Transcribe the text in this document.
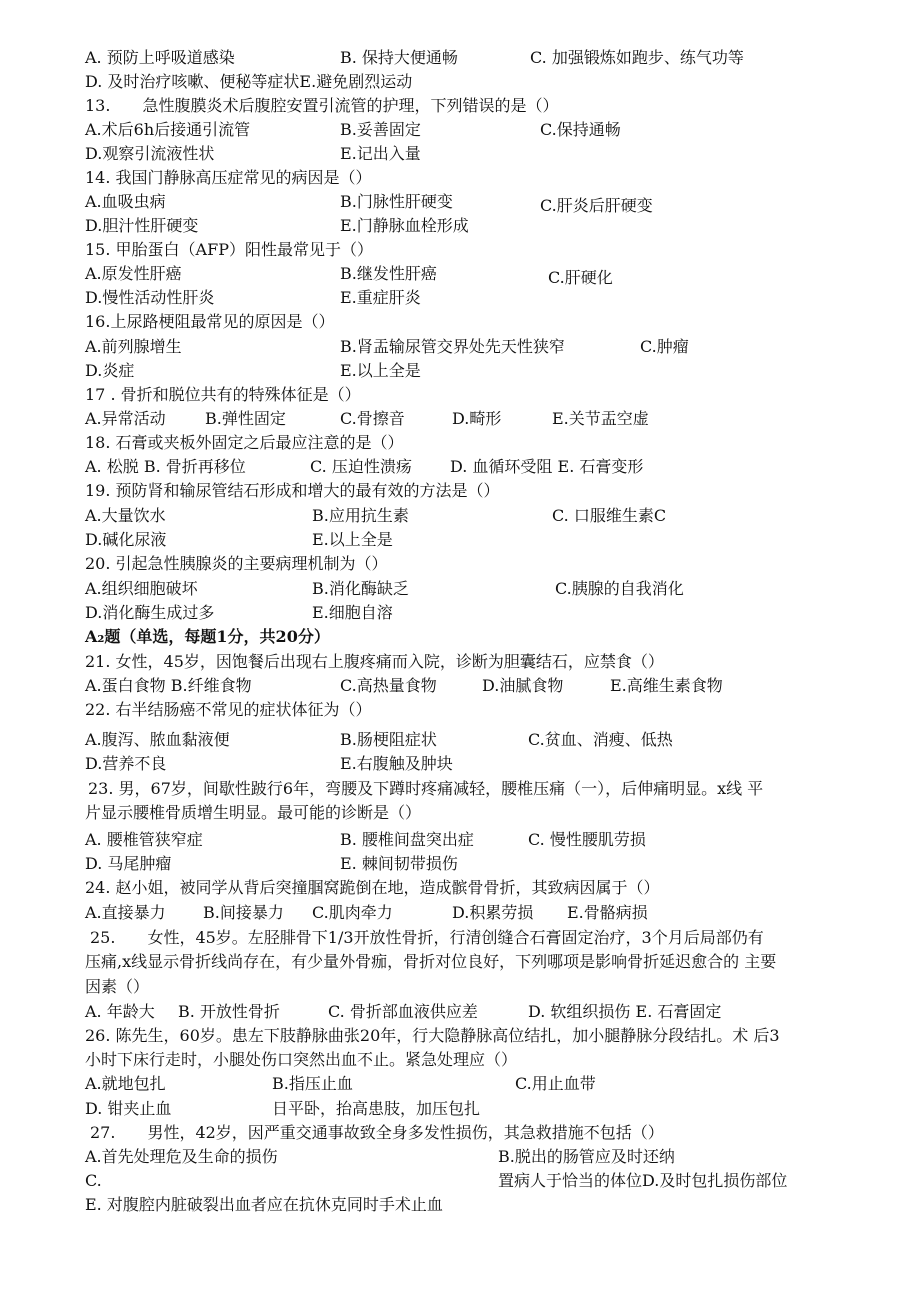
A. 预防上呼吸道感染	B. 保持大便通畅	C. 加强锻炼如跑步、练气功等
D. 及时治疗咳嗽、便秘等症状E.避免剧烈运动
13.　　急性腹膜炎术后腹腔安置引流管的护理，下列错误的是（）
A.术后6h后接通引流管	B.妥善固定	C.保持通畅
D.观察引流液性状	E.记出入量
14. 我国门静脉高压症常见的病因是（）
A.血吸虫病	B.门脉性肝硬变	C.肝炎后肝硬变
D.胆汁性肝硬变	E.门静脉血栓形成
15. 甲胎蛋白（AFP）阳性最常见于（）
A.原发性肝癌	B.继发性肝癌	C.肝硬化
D.慢性活动性肝炎	E.重症肝炎
16.上尿路梗阻最常见的原因是（）
A.前列腺增生	B.肾盂输尿管交界处先天性狭窄	C.肿瘤
D.炎症	E.以上全是
17 . 骨折和脱位共有的特殊体征是（）
A.异常活动 B.弹性固定	C.骨擦音	D.畸形	E.关节盂空虚
18. 石膏或夹板外固定之后最应注意的是（）
A. 松脱 B. 骨折再移位	C. 压迫性溃疡 D. 血循环受阻 E. 石膏变形
19. 预防肾和输尿管结石形成和增大的最有效的方法是（）
A.大量饮水	B.应用抗生素	C. 口服维生素C
D.碱化尿液	E.以上全是
20. 引起急性胰腺炎的主要病理机制为（）
A.组织细胞破坏	B.消化酶缺乏	C.胰腺的自我消化
D.消化酶生成过多	E.细胞自溶
A₂题（单选，每题1分，共20分）
21. 女性，45岁，因饱餐后出现右上腹疼痛而入院，诊断为胆囊结石，应禁食（）
A.蛋白食物 B.纤维食物	C.高热量食物	D.油腻食物	E.高维生素食物
22. 右半结肠癌不常见的症状体征为（）
A.腹泻、脓血黏液便	B.肠梗阻症状	C.贫血、消瘦、低热
D.营养不良	E.右腹触及肿块
23. 男，67岁，间歇性跛行6年，弯腰及下蹲时疼痛减轻，腰椎压痛（一），后伸痛明显。x线 平
片显示腰椎骨质增生明显。最可能的诊断是（）
A. 腰椎管狭窄症	B. 腰椎间盘突出症	C. 慢性腰肌劳损
D. 马尾肿瘤	E. 棘间韧带损伤
24. 赵小姐，被同学从背后突撞腘窝跪倒在地，造成髌骨骨折，其致病因属于（）
A.直接暴力 B.间接暴力 C.肌肉牵力	D.积累劳损 E.骨骼病损
25.　　女性，45岁。左胫腓骨下1/3开放性骨折，行清创缝合石膏固定治疗，3个月后局部仍有
压痛,x线显示骨折线尚存在，有少量外骨痂，骨折对位良好，下列哪项是影响骨折延迟愈合的 主要
因素（）
A. 年龄大 B. 开放性骨折	C. 骨折部血液供应差	D. 软组织损伤 E. 石膏固定
26. 陈先生，60岁。患左下肢静脉曲张20年，行大隐静脉高位结扎，加小腿静脉分段结扎。术 后3
小时下床行走时，小腿处伤口突然出血不止。紧急处理应（）
A.就地包扎	B.指压止血	C.用止血带
D. 钳夹止血	日平卧，抬高患肢，加压包扎
27.　　男性，42岁，因严重交通事故致全身多发性损伤，其急救措施不包括（）
A.首先处理危及生命的损伤	B.脱出的肠管应及时还纳
C.	置病人于恰当的体位D.及时包扎损伤部位
E. 对腹腔内脏破裂出血者应在抗休克同时手术止血
